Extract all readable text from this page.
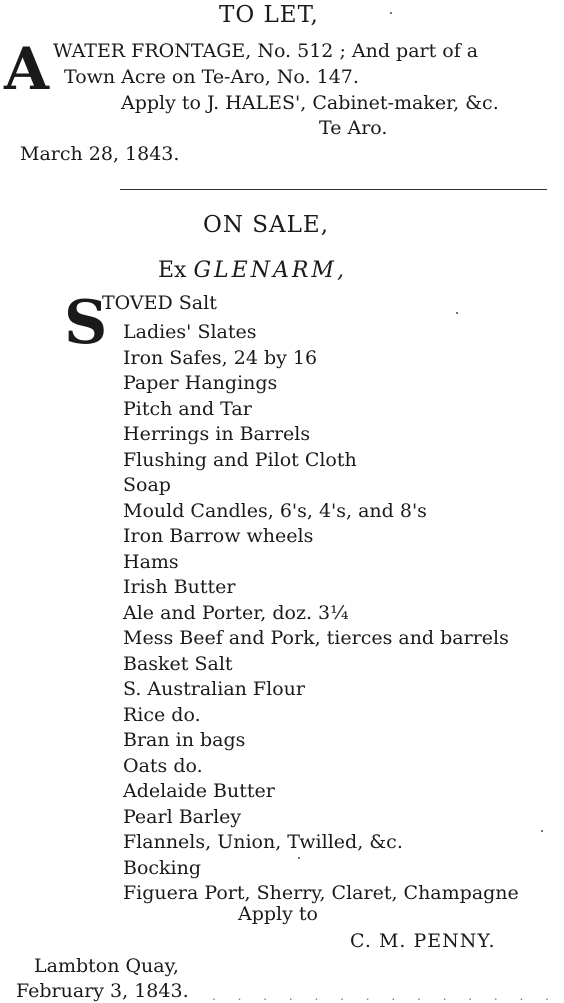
TO LET,
A WATER FRONTAGE, No. 512 ; And part of a
Town Acre on Te-Aro, No. 147.
Apply to J. HALES', Cabinet-maker, &c.
Te Aro.
March 28, 1843.
ON SALE,
Ex GLENARM,
S
TOVED Salt
Ladies' Slates
Iron Safes, 24 by 16
Paper Hangings
Pitch and Tar
Herrings in Barrels
Flushing and Pilot Cloth
Soap
Mould Candles, 6's, 4's, and 8's
Iron Barrow wheels
Hams
Irish Butter
Ale and Porter, doz. 3¼
Mess Beef and Pork, tierces and barrels
Basket Salt
S. Australian Flour
Rice do.
Bran in bags
Oats do.
Adelaide Butter
Pearl Barley
Flannels, Union, Twilled, &c.
Bocking
Figuera Port, Sherry, Claret, Champagne
Apply to
C. M. PENNY.
Lambton Quay,
February 3, 1843. . . . . . . . . . . . . . .
